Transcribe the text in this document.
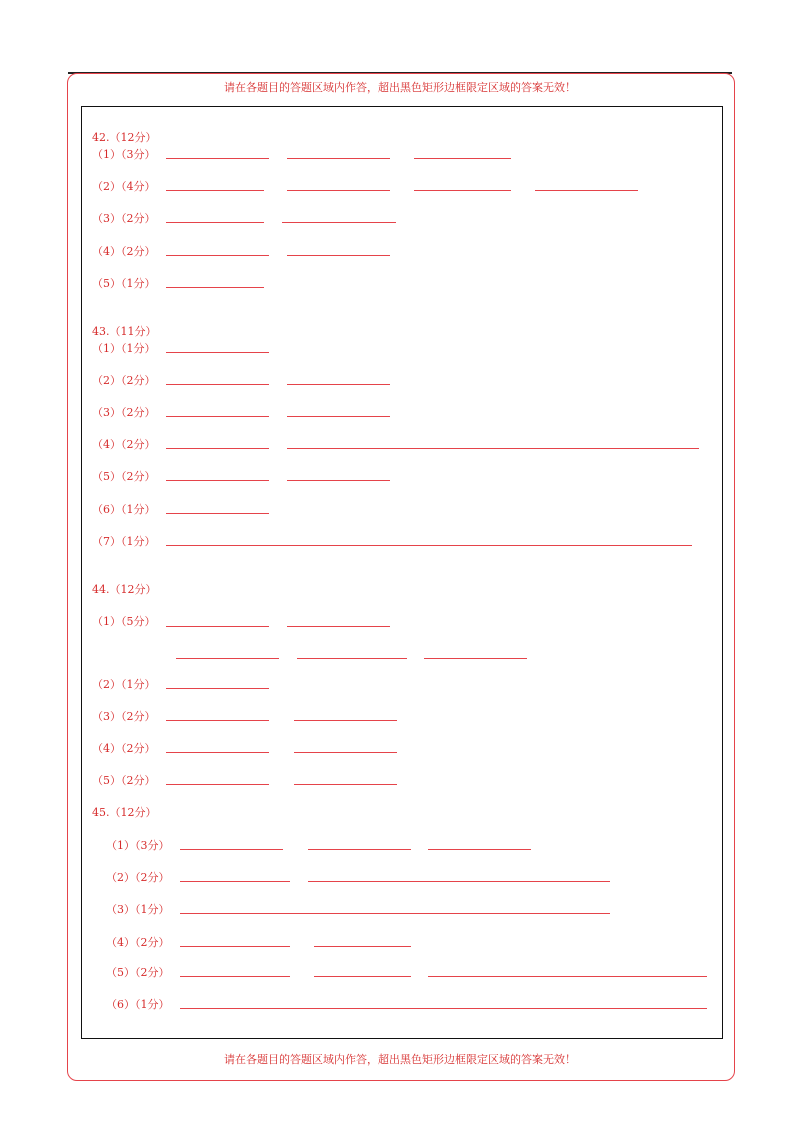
请在各题目的答题区域内作答，超出黑色矩形边框限定区域的答案无效！
42.（12分）
（1）（3分）
（2）（4分）
（3）（2分）
（4）（2分）
（5）（1分）
43.（11分）
（1）（1分）
（2）（2分）
（3）（2分）
（4）（2分）
（5）（2分）
（6）（1分）
（7）（1分）
44.（12分）
（1）（5分）
（2）（1分）
（3）（2分）
（4）（2分）
（5）（2分）
45.（12分）
（1）（3分）
（2）（2分）
（3）（1分）
（4）（2分）
（5）（2分）
（6）（1分）
请在各题目的答题区域内作答，超出黑色矩形边框限定区域的答案无效！
